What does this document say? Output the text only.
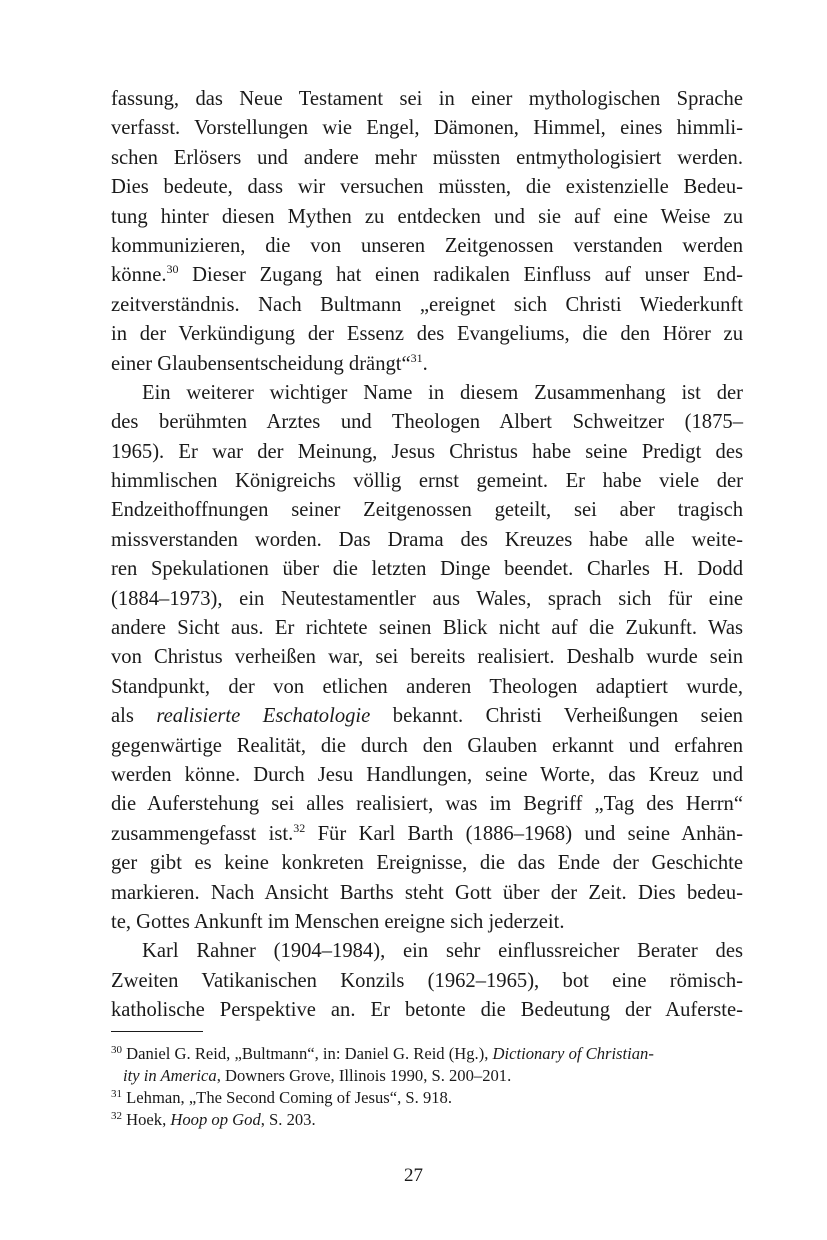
fassung, das Neue Testament sei in einer mythologischen Sprache
verfasst. Vorstellungen wie Engel, Dämonen, Himmel, eines himmli-
schen Erlösers und andere mehr müssten entmythologisiert werden.
Dies bedeute, dass wir versuchen müssten, die existenzielle Bedeu-
tung hinter diesen Mythen zu entdecken und sie auf eine Weise zu
kommunizieren, die von unseren Zeitgenossen verstanden werden
könne.$^{30}$ Dieser Zugang hat einen radikalen Einfluss auf unser End-
zeitverständnis. Nach Bultmann „ereignet sich Christi Wiederkunft
in der Verkündigung der Essenz des Evangeliums, die den Hörer zu
einer Glaubensentscheidung drängt“$^{31}$.
Ein weiterer wichtiger Name in diesem Zusammenhang ist der
des berühmten Arztes und Theologen Albert Schweitzer (1875–
1965). Er war der Meinung, Jesus Christus habe seine Predigt des
himmlischen Königreichs völlig ernst gemeint. Er habe viele der
Endzeithoffnungen seiner Zeitgenossen geteilt, sei aber tragisch
missverstanden worden. Das Drama des Kreuzes habe alle weite-
ren Spekulationen über die letzten Dinge beendet. Charles H. Dodd
(1884–1973), ein Neutestamentler aus Wales, sprach sich für eine
andere Sicht aus. Er richtete seinen Blick nicht auf die Zukunft. Was
von Christus verheißen war, sei bereits realisiert. Deshalb wurde sein
Standpunkt, der von etlichen anderen Theologen adaptiert wurde,
als realisierte Eschatologie bekannt. Christi Verheißungen seien
gegenwärtige Realität, die durch den Glauben erkannt und erfahren
werden könne. Durch Jesu Handlungen, seine Worte, das Kreuz und
die Auferstehung sei alles realisiert, was im Begriff „Tag des Herrn“
zusammengefasst ist.$^{32}$ Für Karl Barth (1886–1968) und seine Anhän-
ger gibt es keine konkreten Ereignisse, die das Ende der Geschichte
markieren. Nach Ansicht Barths steht Gott über der Zeit. Dies bedeu-
te, Gottes Ankunft im Menschen ereigne sich jederzeit.
Karl Rahner (1904–1984), ein sehr einflussreicher Berater des
Zweiten Vatikanischen Konzils (1962–1965), bot eine römisch-
katholische Perspektive an. Er betonte die Bedeutung der Auferste-
$^{30}$ Daniel G. Reid, „Bultmann“, in: Daniel G. Reid (Hg.), Dictionary of Christian-
ity in America, Downers Grove, Illinois 1990, S. 200–201.
$^{31}$ Lehman, „The Second Coming of Jesus“, S. 918.
$^{32}$ Hoek, Hoop op God, S. 203.
27
